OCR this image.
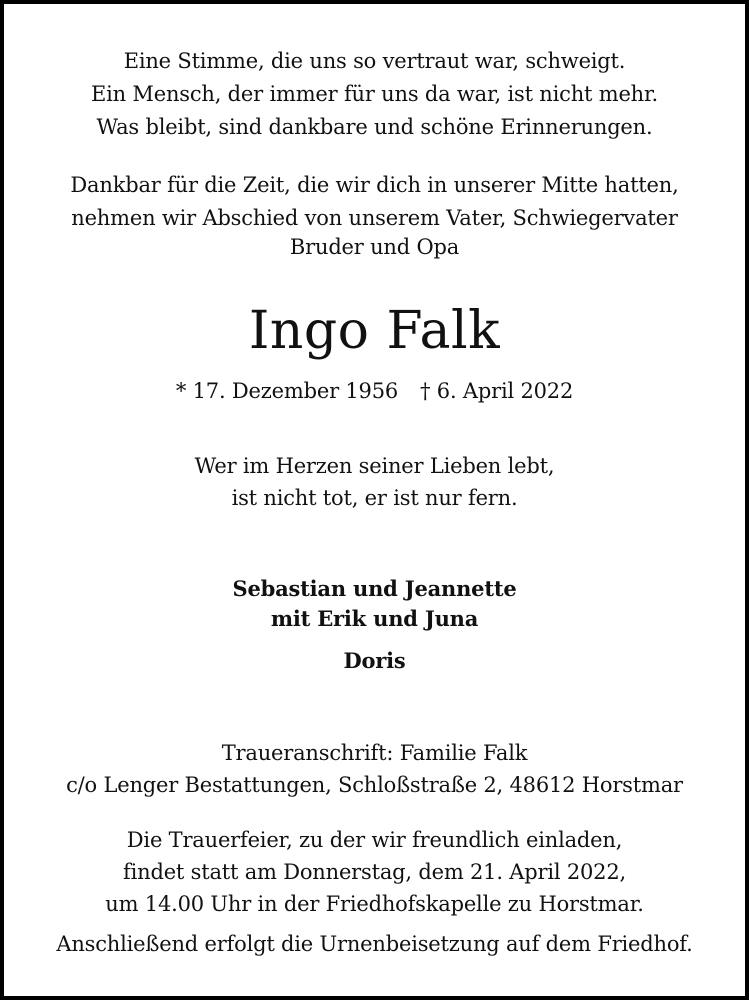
Eine Stimme, die uns so vertraut war, schweigt.

Ein Mensch, der immer für uns da war, ist nicht mehr.

Was bleibt, sind dankbare und schöne Erinnerungen.

Dankbar für die Zeit, die wir dich in unserer Mitte hatten,

nehmen wir Abschied von unserem Vater, Schwiegervater

Bruder und Opa

Ingo Falk

* 17. Dezember 1956 † 6. April 2022

Wer im Herzen seiner Lieben lebt,

ist nicht tot, er ist nur fern.

Sebastian und Jeannette

mit Erik und Juna

Doris

Traueranschrift: Familie Falk

c/o Lenger Bestattungen, Schloßstraße 2, 48612 Horstmar

Die Trauerfeier, zu der wir freundlich einladen,

findet statt am Donnerstag, dem 21. April 2022,

um 14.00 Uhr in der Friedhofskapelle zu Horstmar.

Anschließend erfolgt die Urnenbeisetzung auf dem Friedhof.
